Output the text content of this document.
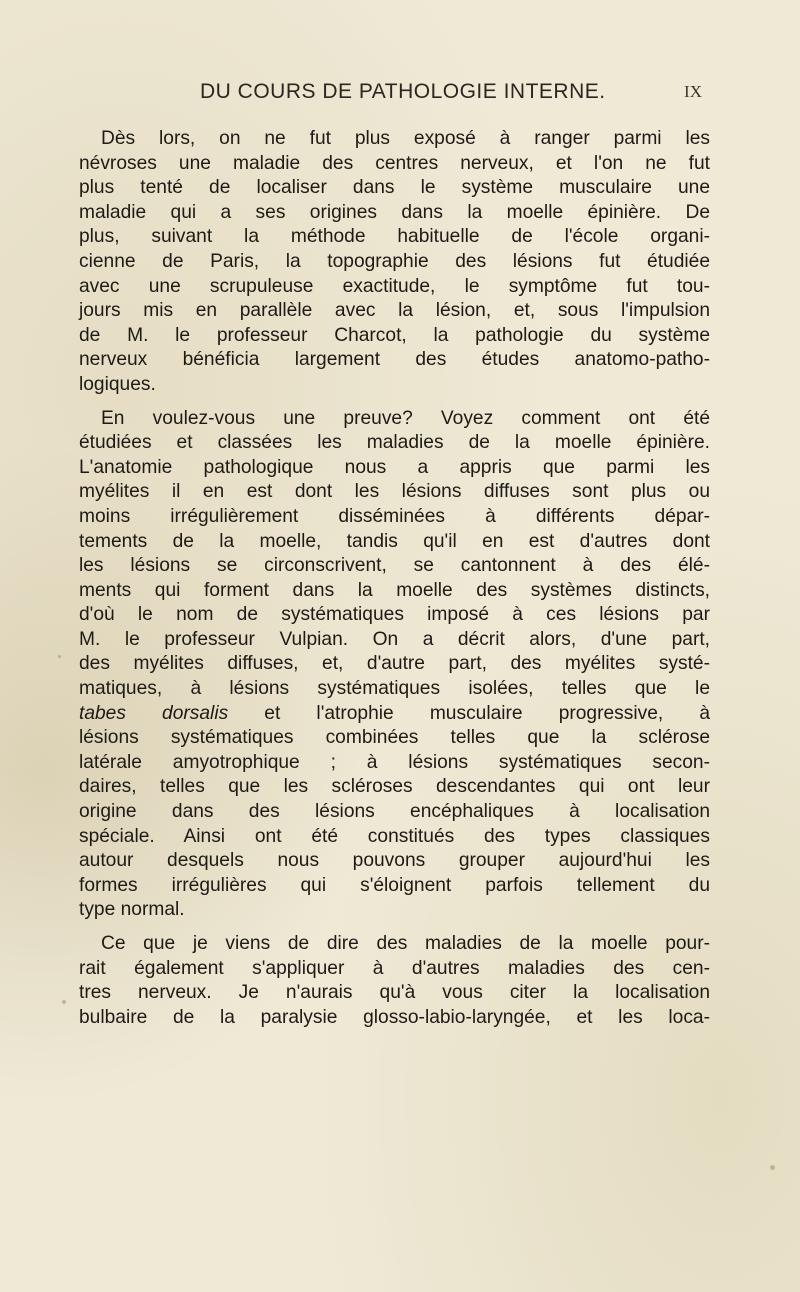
DU COURS DE PATHOLOGIE INTERNE.	IX
Dès lors, on ne fut plus exposé à ranger parmi les
névroses une maladie des centres nerveux, et l'on ne fut
plus tenté de localiser dans le système musculaire une
maladie qui a ses origines dans la moelle épinière. De
plus, suivant la méthode habituelle de l'école organi-
cienne de Paris, la topographie des lésions fut étudiée
avec une scrupuleuse exactitude, le symptôme fut tou-
jours mis en parallèle avec la lésion, et, sous l'impulsion
de M. le professeur Charcot, la pathologie du système
nerveux bénéficia largement des études anatomo-patho-
logiques.
En voulez-vous une preuve? Voyez comment ont été
étudiées et classées les maladies de la moelle épinière.
L'anatomie pathologique nous a appris que parmi les
myélites il en est dont les lésions diffuses sont plus ou
moins irrégulièrement disséminées à différents dépar-
tements de la moelle, tandis qu'il en est d'autres dont
les lésions se circonscrivent, se cantonnent à des élé-
ments qui forment dans la moelle des systèmes distincts,
d'où le nom de systématiques imposé à ces lésions par
M. le professeur Vulpian. On a décrit alors, d'une part,
des myélites diffuses, et, d'autre part, des myélites systé-
matiques, à lésions systématiques isolées, telles que le
tabes dorsalis et l'atrophie musculaire progressive, à
lésions systématiques combinées telles que la sclérose
latérale amyotrophique ; à lésions systématiques secon-
daires, telles que les scléroses descendantes qui ont leur
origine dans des lésions encéphaliques à localisation
spéciale. Ainsi ont été constitués des types classiques
autour desquels nous pouvons grouper aujourd'hui les
formes irrégulières qui s'éloignent parfois tellement du
type normal.
Ce que je viens de dire des maladies de la moelle pour-
rait également s'appliquer à d'autres maladies des cen-
tres nerveux. Je n'aurais qu'à vous citer la localisation
bulbaire de la paralysie glosso-labio-laryngée, et les loca-
